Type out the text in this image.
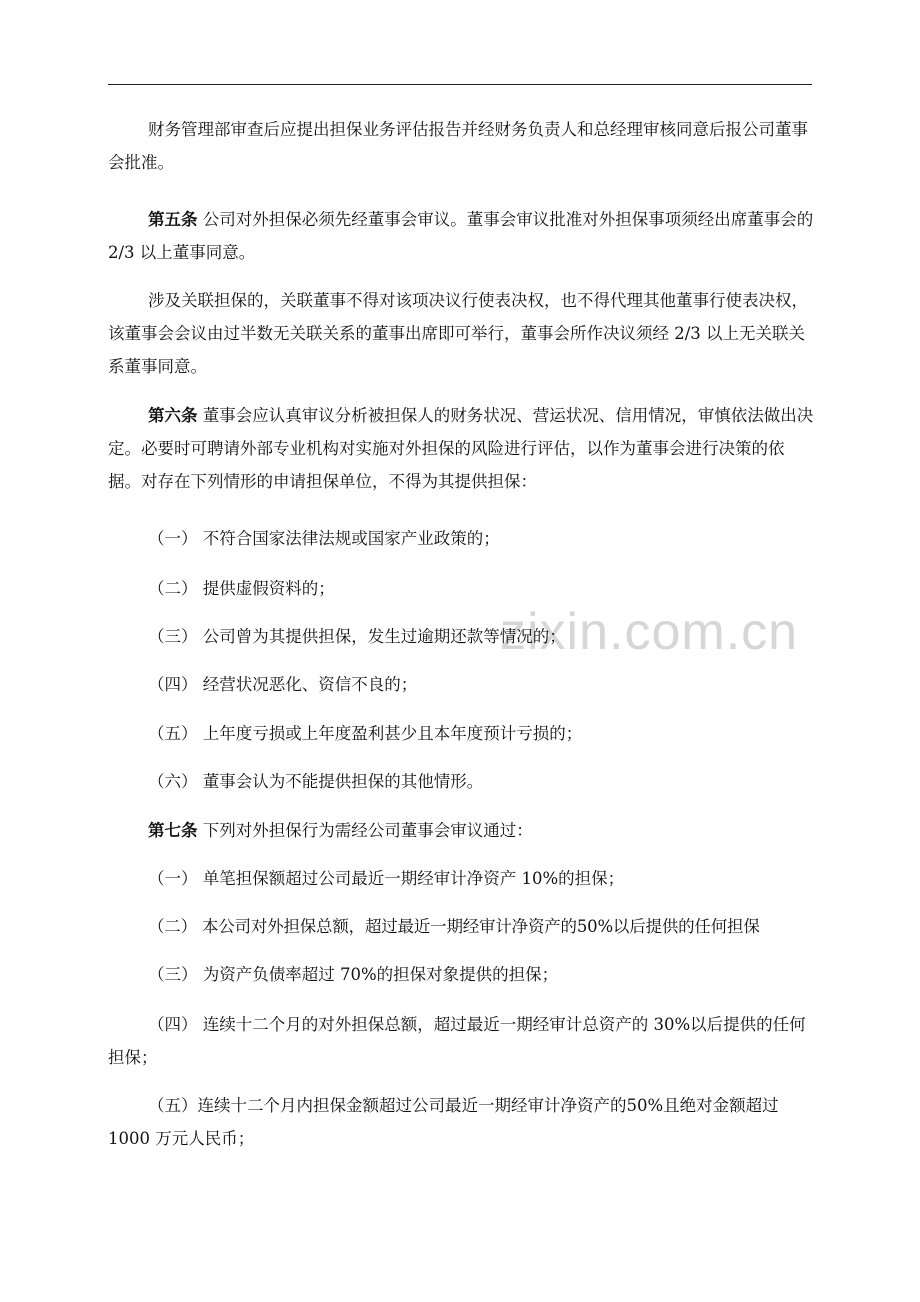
zixin.com.cn

财务管理部审查后应提出担保业务评估报告并经财务负责人和总经理审核同意后报公司董事会批准。

第五条 公司对外担保必须先经董事会审议。董事会审议批准对外担保事项须经出席董事会的 2/3 以上董事同意。

涉及关联担保的，关联董事不得对该项决议行使表决权，也不得代理其他董事行使表决权，该董事会会议由过半数无关联关系的董事出席即可举行，董事会所作决议须经 2/3 以上无关联关系董事同意。

第六条 董事会应认真审议分析被担保人的财务状况、营运状况、信用情况，审慎依法做出决定。必要时可聘请外部专业机构对实施对外担保的风险进行评估，以作为董事会进行决策的依据。对存在下列情形的申请担保单位，不得为其提供担保：

（一） 不符合国家法律法规或国家产业政策的；

（二） 提供虚假资料的；

（三） 公司曾为其提供担保，发生过逾期还款等情况的；

（四） 经营状况恶化、资信不良的；

（五） 上年度亏损或上年度盈利甚少且本年度预计亏损的；

（六） 董事会认为不能提供担保的其他情形。

第七条 下列对外担保行为需经公司董事会审议通过：

（一） 单笔担保额超过公司最近一期经审计净资产 10%的担保；

（二） 本公司对外担保总额，超过最近一期经审计净资产的50%以后提供的任何担保

（三） 为资产负债率超过 70%的担保对象提供的担保；

（四） 连续十二个月的对外担保总额，超过最近一期经审计总资产的 30%以后提供的任何担保；

（五）连续十二个月内担保金额超过公司最近一期经审计净资产的50%且绝对金额超过 1000 万元人民币；
